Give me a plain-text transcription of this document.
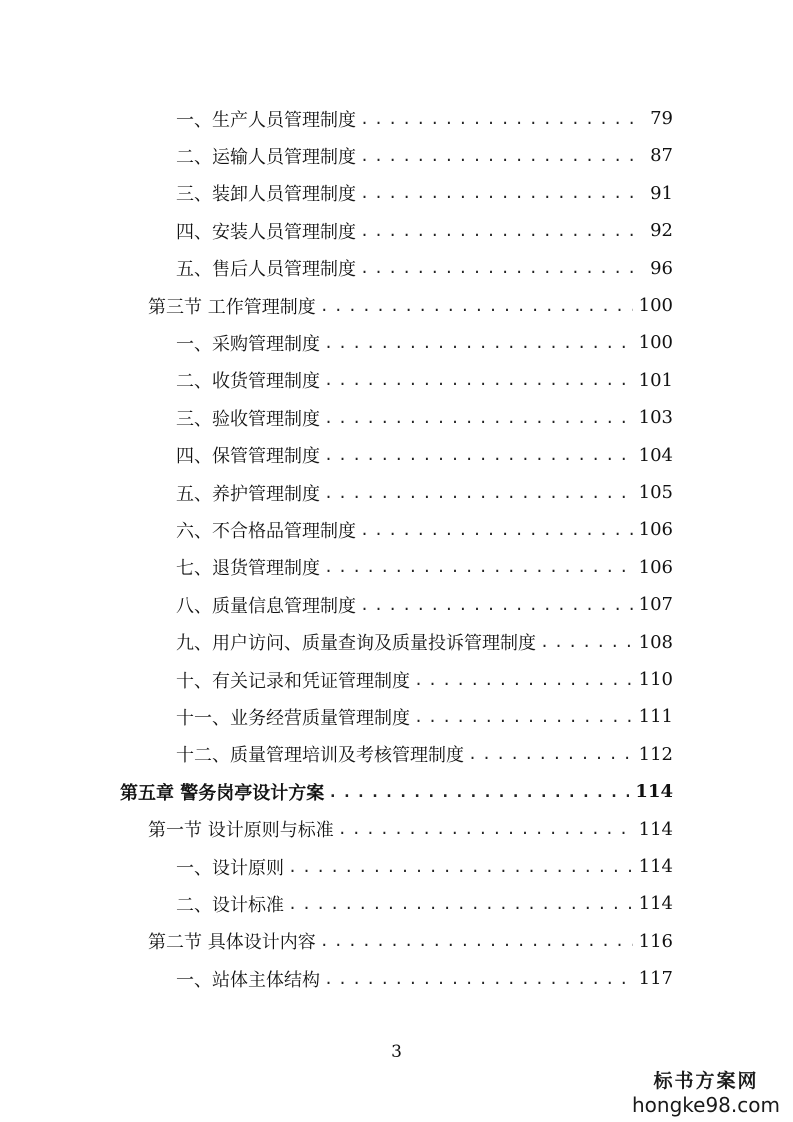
一、生产人员管理制度 . . .	79
二、运输人员管理制度 . . .	87
三、装卸人员管理制度 . . .	91
四、安装人员管理制度 . . .	92
五、售后人员管理制度 . . .	96
第三节 工作管理制度 . . .	100
一、采购管理制度 . . .	100
二、收货管理制度 . . .	101
三、验收管理制度 . . .	103
四、保管管理制度 . . .	104
五、养护管理制度 . . .	105
六、不合格品管理制度 . . .	106
七、退货管理制度 . . .	106
八、质量信息管理制度 . . .	107
九、用户访问、质量查询及质量投诉管理制度 . . .	108
十、有关记录和凭证管理制度 . . .	110
十一、业务经营质量管理制度 . . .	111
十二、质量管理培训及考核管理制度 . . .	112
第五章 警务岗亭设计方案 . . .	114
第一节 设计原则与标准 . . .	114
一、设计原则 . . .	114
二、设计标准 . . .	114
第二节 具体设计内容 . . .	116
一、站体主体结构 . . .	117
3
标书方案网
hongke98.com
